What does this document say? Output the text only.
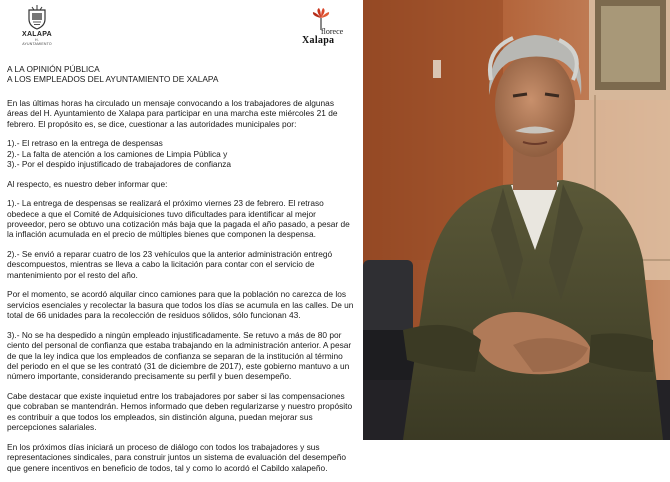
XALAPA
H. AYUNTAMIENTO
florece
Xalapa

A LA OPINIÓN PÚBLICA
A LOS EMPLEADOS DEL AYUNTAMIENTO DE XALAPA

En las últimas horas ha circulado un mensaje convocando a los trabajadores de algunas
áreas del H. Ayuntamiento de Xalapa para participar en una marcha este miércoles 21 de
febrero. El propósito es, se dice, cuestionar a las autoridades municipales por:

1).- El retraso en la entrega de despensas
2).- La falta de atención a los camiones de Limpia Pública y
3).- Por el despido injustificado de trabajadores de confianza

Al respecto, es nuestro deber informar que:

1).- La entrega de despensas se realizará el próximo viernes 23 de febrero. El retraso
obedece a que el Comité de Adquisiciones tuvo dificultades para identificar al mejor
proveedor, pero se obtuvo una cotización más baja que la pagada el año pasado, a pesar de
la inflación acumulada en el precio de múltiples bienes que componen la despensa.

2).- Se envió a reparar cuatro de los 23 vehículos que la anterior administración entregó
descompuestos, mientras se lleva a cabo la licitación para contar con el servicio de
mantenimiento por el resto del año.

Por el momento, se acordó alquilar cinco camiones para que la población no carezca de los
servicios esenciales y recolectar la basura que todos los días se acumula en las calles. De un
total de 66 unidades para la recolección de residuos sólidos, sólo funcionan 43.

3).- No se ha despedido a ningún empleado injustificadamente. Se retuvo a más de 80 por
ciento del personal de confianza que estaba trabajando en la administración anterior. A pesar
de que la ley indica que los empleados de confianza se separan de la institución al término
del periodo en el que se les contrató (31 de diciembre de 2017), este gobierno mantuvo a un
número importante, considerando precisamente su perfil y buen desempeño.

Cabe destacar que existe inquietud entre los trabajadores por saber si las compensaciones
que cobraban se mantendrán. Hemos informado que deben regularizarse y nuestro propósito
es contribuir a que todos los empleados, sin distinción alguna, puedan mejorar sus
percepciones salariales.

En los próximos días iniciará un proceso de diálogo con todos los trabajadores y sus
representaciones sindicales, para construir juntos un sistema de evaluación del desempeño
que genere incentivos en beneficio de todos, tal y como lo acordó el Cabildo xalapeño.
